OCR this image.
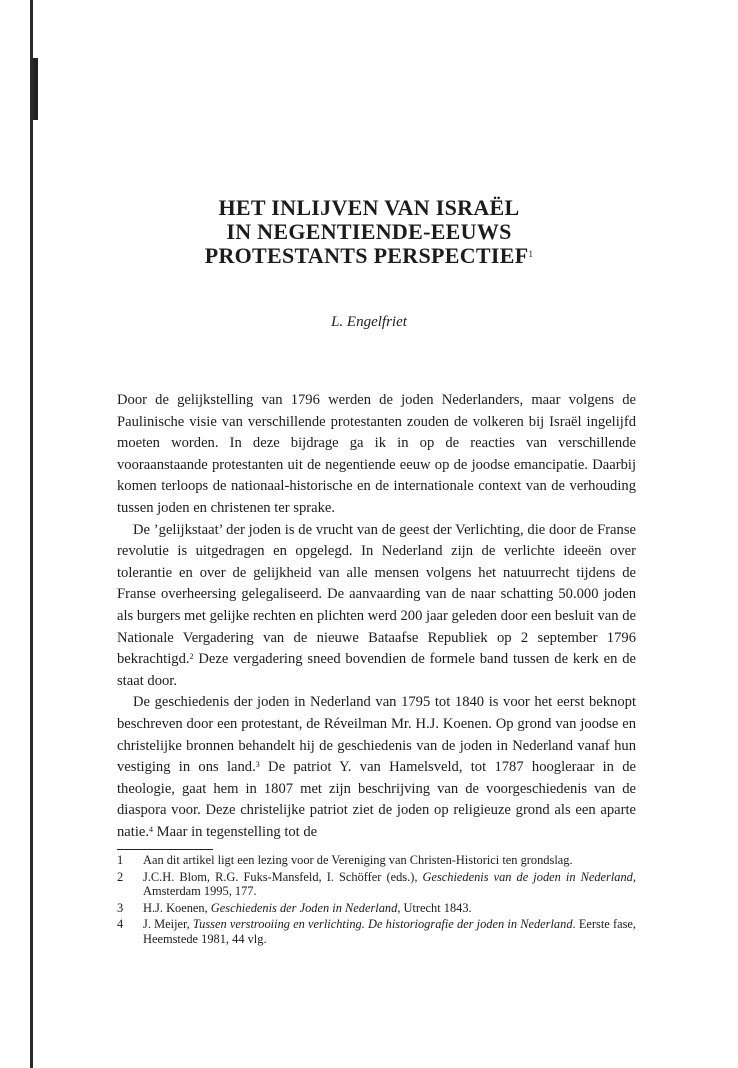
HET INLIJVEN VAN ISRAËL
IN NEGENTIENDE-EEUWS
PROTESTANTS PERSPECTIEF$^1$
L. Engelfriet

Door de gelijkstelling van 1796 werden de joden Nederlanders, maar volgens de Paulinische visie van verschillende protestanten zouden de volkeren bij Israël ingelijfd moeten worden. In deze bijdrage ga ik in op de reacties van verschillende vooraanstaande protestanten uit de negentiende eeuw op de joodse emancipatie. Daarbij komen terloops de nationaal-historische en de internationale context van de verhouding tussen joden en christenen ter sprake.

De ’gelijkstaat’ der joden is de vrucht van de geest der Verlichting, die door de Franse revolutie is uitgedragen en opgelegd. In Nederland zijn de verlichte ideeën over tolerantie en over de gelijkheid van alle mensen volgens het natuurrecht tijdens de Franse overheersing gelegaliseerd. De aanvaarding van de naar schatting 50.000 joden als burgers met gelijke rechten en plichten werd 200 jaar geleden door een besluit van de Nationale Vergadering van de nieuwe Bataafse Republiek op 2 september 1796 bekrachtigd.$^2$ Deze vergadering sneed bovendien de formele band tussen de kerk en de staat door.

De geschiedenis der joden in Nederland van 1795 tot 1840 is voor het eerst beknopt beschreven door een protestant, de Réveilman Mr. H.J. Koenen. Op grond van joodse en christelijke bronnen behandelt hij de geschiedenis van de joden in Nederland vanaf hun vestiging in ons land.$^3$ De patriot Y. van Hamelsveld, tot 1787 hoogleraar in de theologie, gaat hem in 1807 met zijn beschrijving van de voorgeschiedenis van de diaspora voor. Deze christelijke patriot ziet de joden op religieuze grond als een aparte natie.$^4$ Maar in tegenstelling tot de

1	Aan dit artikel ligt een lezing voor de Vereniging van Christen-Historici ten grondslag.
2	J.C.H. Blom, R.G. Fuks-Mansfeld, I. Schöffer (eds.), Geschiedenis van de joden in Nederland, Amsterdam 1995, 177.
3	H.J. Koenen, Geschiedenis der Joden in Nederland, Utrecht 1843.
4	J. Meijer, Tussen verstrooiing en verlichting. De historiografie der joden in Nederland. Eerste fase, Heemstede 1981, 44 vlg.
